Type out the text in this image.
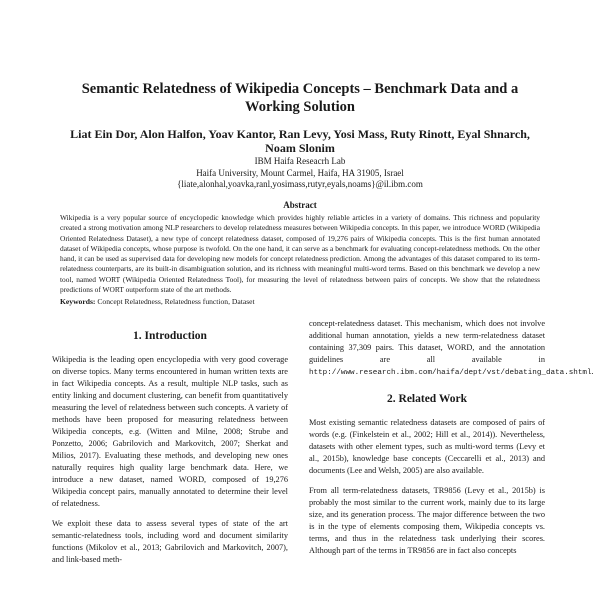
Semantic Relatedness of Wikipedia Concepts – Benchmark Data and a
Working Solution
Liat Ein Dor, Alon Halfon, Yoav Kantor, Ran Levy, Yosi Mass, Ruty Rinott, Eyal Shnarch,
Noam Slonim
IBM Haifa Reseacrh Lab
Haifa University, Mount Carmel, Haifa, HA 31905, Israel
{liate,alonhal,yoavka,ranl,yosimass,rutyr,eyals,noams}@il.ibm.com
Abstract
Wikipedia is a very popular source of encyclopedic knowledge which provides highly reliable articles in a variety of domains. This richness and popularity created a strong motivation among NLP researchers to develop relatedness measures between Wikipedia concepts. In this paper, we introduce WORD (Wikipedia Oriented Relatedness Dataset), a new type of concept relatedness dataset, composed of 19,276 pairs of Wikipedia concepts. This is the first human annotated dataset of Wikipedia concepts, whose purpose is twofold. On the one hand, it can serve as a benchmark for evaluating concept-relatedness methods. On the other hand, it can be used as supervised data for developing new models for concept relatedness prediction. Among the advantages of this dataset compared to its term-relatedness counterparts, are its built-in disambiguation solution, and its richness with meaningful multi-word terms. Based on this benchmark we develop a new tool, named WORT (Wikipedia Oriented Relatedness Tool), for measuring the level of relatedness between pairs of concepts. We show that the relatedness predictions of WORT outperform state of the art methods.
Keywords: Concept Relatedness, Relatedness function, Dataset
1. Introduction

Wikipedia is the leading open encyclopedia with very good coverage on diverse topics. Many terms encountered in human written texts are in fact Wikipedia concepts. As a result, multiple NLP tasks, such as entity linking and document clustering, can benefit from quantitatively measuring the level of relatedness between such concepts. A variety of methods have been proposed for measuring relatedness between Wikipedia concepts, e.g. (Witten and Milne, 2008; Strube and Ponzetto, 2006; Gabrilovich and Markovitch, 2007; Sherkat and Milios, 2017). Evaluating these methods, and developing new ones naturally requires high quality large benchmark data. Here, we introduce a new dataset, named WORD, composed of 19,276 Wikipedia concept pairs, manually annotated to determine their level of relatedness.

We exploit these data to assess several types of state of the art semantic-relatedness tools, including word and document similarity functions (Mikolov et al., 2013; Gabrilovich and Markovitch, 2007), and link-based meth-

concept-relatedness dataset. This mechanism, which does not involve additional human annotation, yields a new term-relatedness dataset containing 37,309 pairs. This dataset, WORD, and the annotation guidelines are all available in http://www.research.ibm.com/haifa/dept/vst/debating_data.shtml.

2. Related Work

Most existing semantic relatedness datasets are composed of pairs of words (e.g. (Finkelstein et al., 2002; Hill et al., 2014)). Nevertheless, datasets with other element types, such as multi-word terms (Levy et al., 2015b), knowledge base concepts (Ceccarelli et al., 2013) and documents (Lee and Welsh, 2005) are also available.

From all term-relatedness datasets, TR9856 (Levy et al., 2015b) is probably the most similar to the current work, mainly due to its large size, and its generation process. The major difference between the two is in the type of elements composing them, Wikipedia concepts vs. terms, and thus in the relatedness task underlying their scores. Although part of the terms in TR9856 are in fact also concepts
